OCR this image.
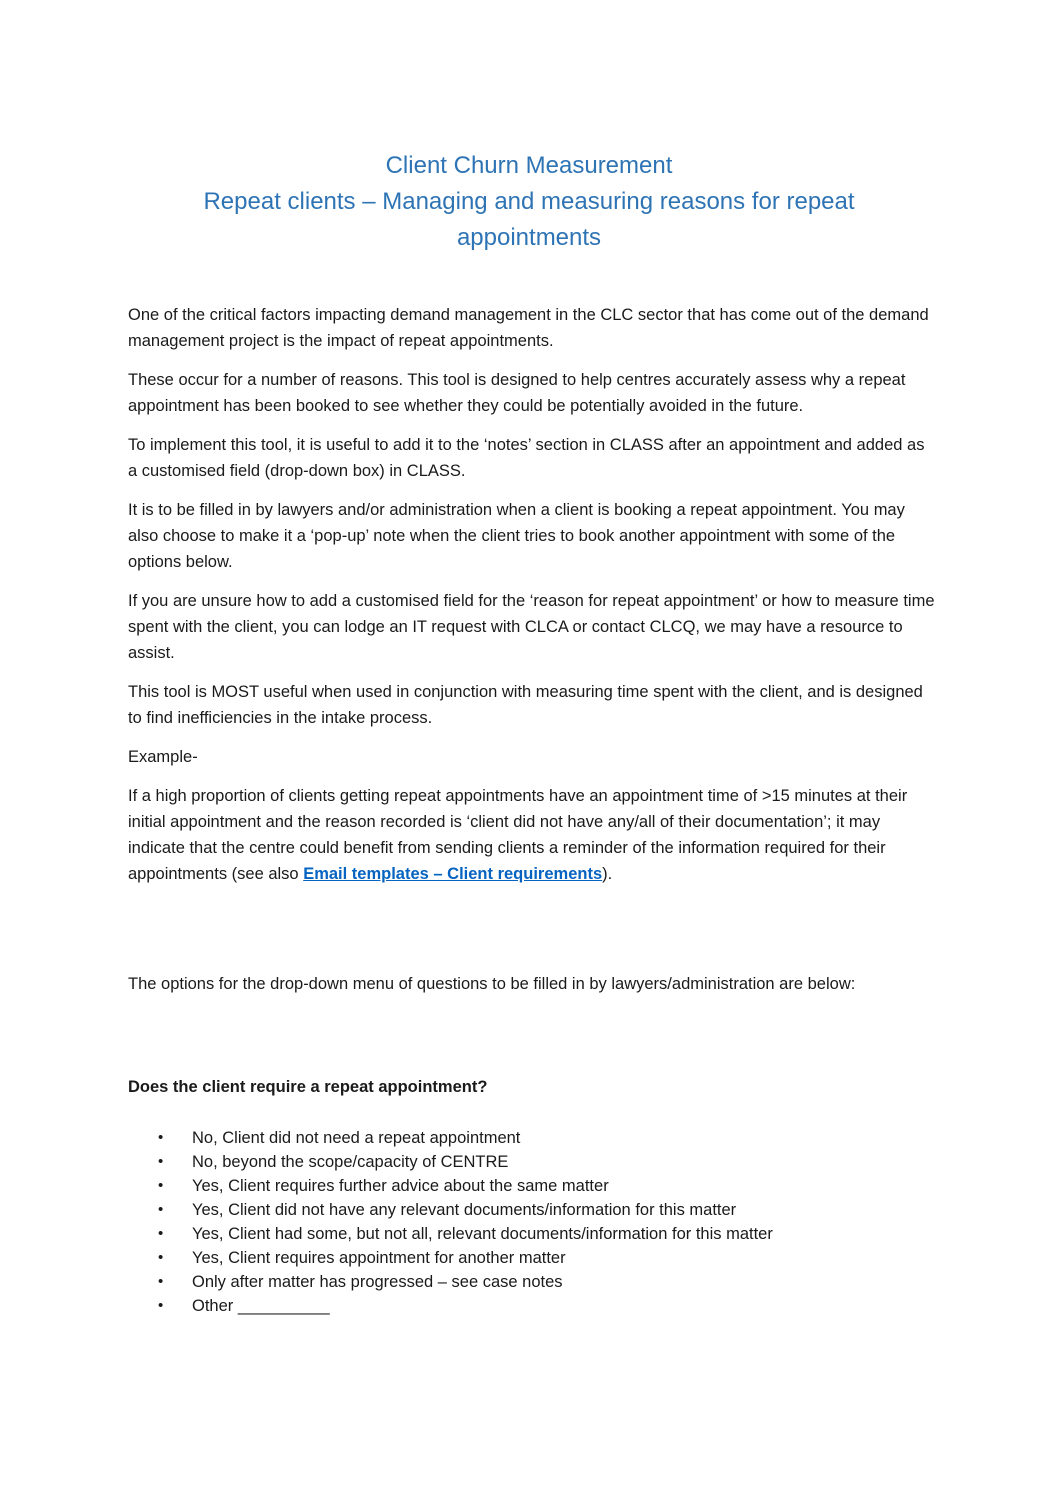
Client Churn Measurement

Repeat clients – Managing and measuring reasons for repeat appointments

One of the critical factors impacting demand management in the CLC sector that has come out of the demand management project is the impact of repeat appointments.

These occur for a number of reasons. This tool is designed to help centres accurately assess why a repeat appointment has been booked to see whether they could be potentially avoided in the future.

To implement this tool, it is useful to add it to the ‘notes’ section in CLASS after an appointment and added as a customised field (drop-down box) in CLASS.

It is to be filled in by lawyers and/or administration when a client is booking a repeat appointment. You may also choose to make it a ‘pop-up’ note when the client tries to book another appointment with some of the options below.

If you are unsure how to add a customised field for the ‘reason for repeat appointment’ or how to measure time spent with the client, you can lodge an IT request with CLCA or contact CLCQ, we may have a resource to assist.

This tool is MOST useful when used in conjunction with measuring time spent with the client, and is designed to find inefficiencies in the intake process.

Example-

If a high proportion of clients getting repeat appointments have an appointment time of >15 minutes at their initial appointment and the reason recorded is ‘client did not have any/all of their documentation’; it may indicate that the centre could benefit from sending clients a reminder of the information required for their appointments (see also Email templates – Client requirements).

The options for the drop-down menu of questions to be filled in by lawyers/administration are below:

Does the client require a repeat appointment?

• No, Client did not need a repeat appointment
• No, beyond the scope/capacity of CENTRE
• Yes, Client requires further advice about the same matter
• Yes, Client did not have any relevant documents/information for this matter
• Yes, Client had some, but not all, relevant documents/information for this matter
• Yes, Client requires appointment for another matter
• Only after matter has progressed – see case notes
• Other __________
